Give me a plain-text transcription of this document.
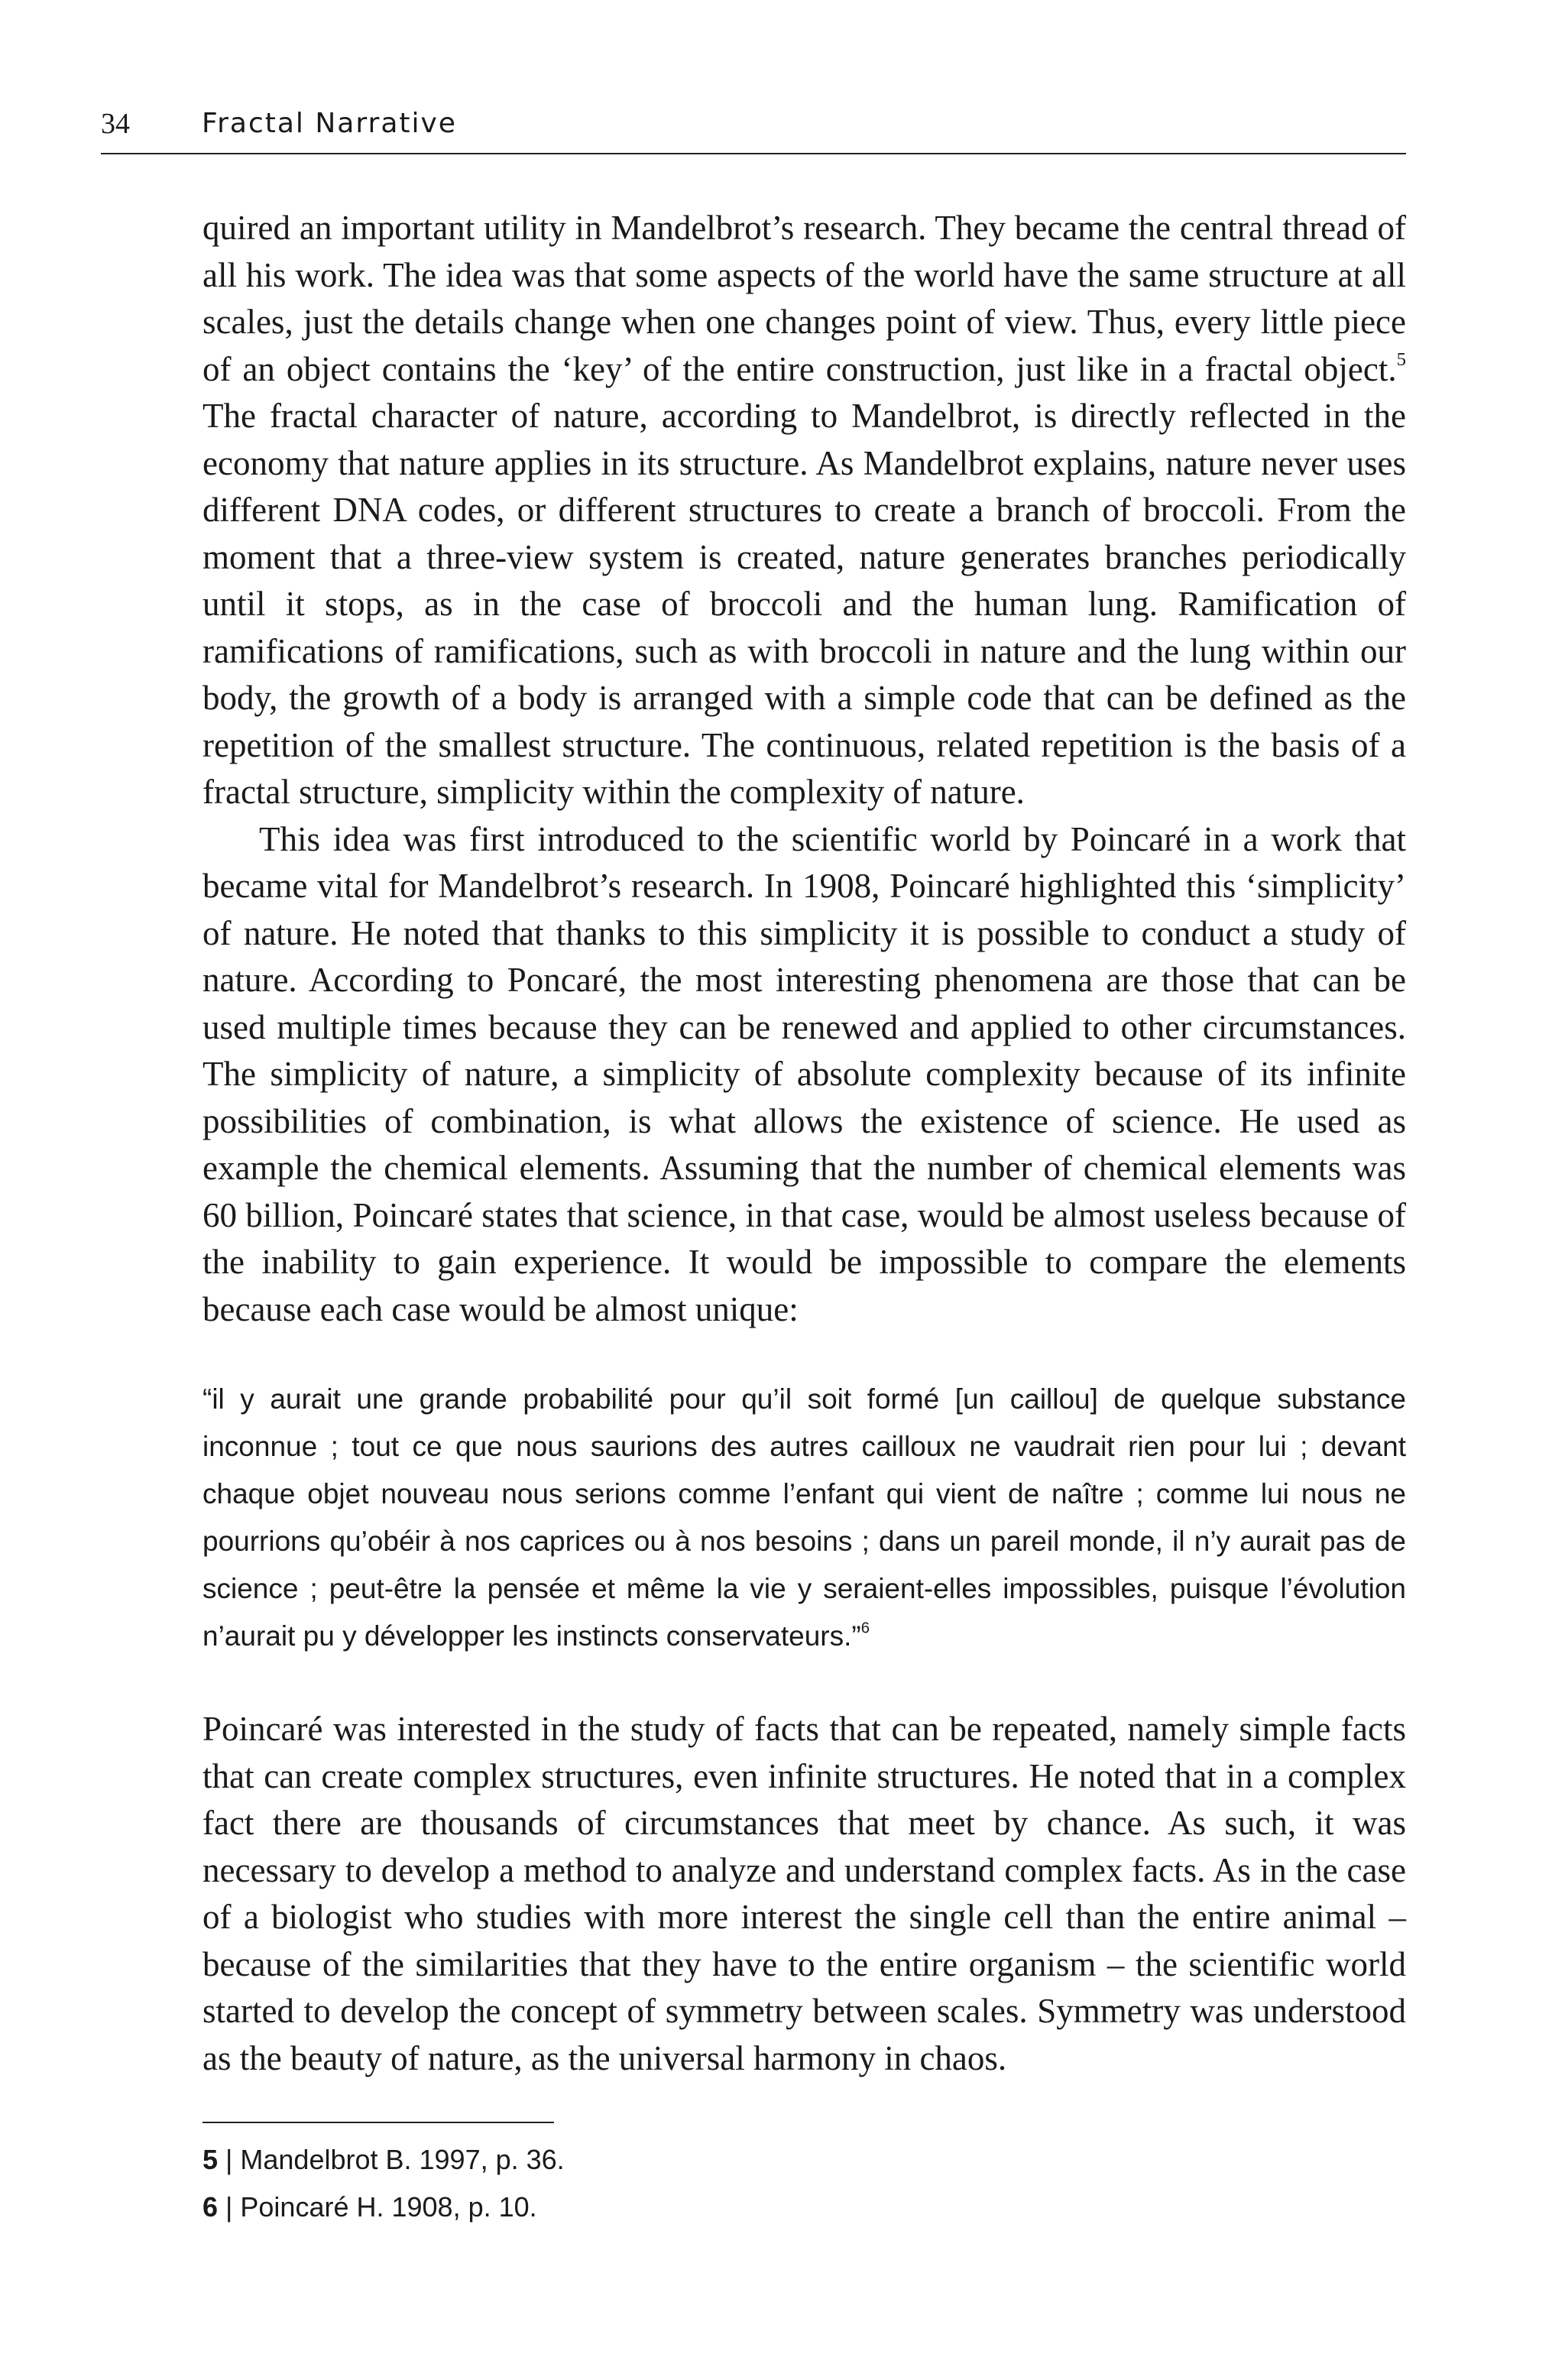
34	Fractal Narrative

quired an important utility in Mandelbrot’s research. They became the central thread of all his work. The idea was that some aspects of the world have the same structure at all scales, just the details change when one changes point of view. Thus, every little piece of an object contains the ‘key’ of the entire construction, just like in a fractal object.$^5$ The fractal character of nature, according to Mandelbrot, is directly reflected in the economy that nature applies in its structure. As Mandelbrot explains, nature never uses different DNA codes, or different structures to create a branch of broccoli. From the moment that a three-view system is created, nature generates branches periodically until it stops, as in the case of broccoli and the human lung. Ramification of ramifications of ramifications, such as with broccoli in nature and the lung within our body, the growth of a body is arranged with a simple code that can be defined as the repetition of the smallest structure. The continuous, related repetition is the basis of a fractal structure, simplicity within the complexity of nature.

This idea was first introduced to the scientific world by Poincaré in a work that became vital for Mandelbrot’s research. In 1908, Poincaré highlighted this ‘simplicity’ of nature. He noted that thanks to this simplicity it is possible to conduct a study of nature. According to Poncaré, the most interesting phenomena are those that can be used multiple times because they can be renewed and applied to other circumstances. The simplicity of nature, a simplicity of absolute complexity because of its infinite possibilities of combination, is what allows the existence of science. He used as example the chemical elements. Assuming that the number of chemical elements was 60 billion, Poincaré states that science, in that case, would be almost useless because of the inability to gain experience. It would be impossible to compare the elements because each case would be almost unique:

“il y aurait une grande probabilité pour qu’il soit formé [un caillou] de quelque substance inconnue ; tout ce que nous saurions des autres cailloux ne vaudrait rien pour lui ; devant chaque objet nouveau nous serions comme l’enfant qui vient de naître ; comme lui nous ne pourrions qu’obéir à nos caprices ou à nos besoins ; dans un pareil monde, il n’y aurait pas de science ; peut-être la pensée et même la vie y seraient-elles impossibles, puisque l’évolution n’aurait pu y développer les instincts conservateurs.”$^6$

Poincaré was interested in the study of facts that can be repeated, namely simple facts that can create complex structures, even infinite structures. He noted that in a complex fact there are thousands of circumstances that meet by chance. As such, it was necessary to develop a method to analyze and understand complex facts. As in the case of a biologist who studies with more interest the single cell than the entire animal – because of the similarities that they have to the entire organism – the scientific world started to develop the concept of symmetry between scales. Symmetry was understood as the beauty of nature, as the universal harmony in chaos.

5 | Mandelbrot B. 1997, p. 36.
6 | Poincaré H. 1908, p. 10.
